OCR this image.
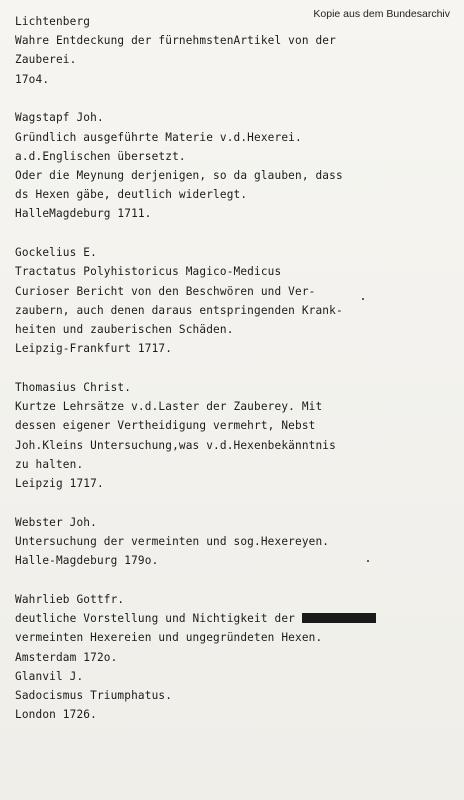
Kopie aus dem Bundesarchiv
Lichtenberg
Wahre Entdeckung der fürnehmstenArtikel von der
Zauberei.
17o4.
Wagstapf Joh.
Gründlich ausgeführte Materie v.d.Hexerei.
a.d.Englischen übersetzt.
Oder die Meynung derjenigen, so da glauben, dass
ds Hexen gäbe, deutlich widerlegt.
HalleMagdeburg 1711.
Gockelius E.
Tractatus Polyhistoricus Magico-Medicus
Curioser Bericht von den Beschwören und Ver-
zaubern, auch denen daraus entspringenden Krank-
heiten und zauberischen Schäden.
Leipzig-Frankfurt 1717.
Thomasius Christ.
Kurtze Lehrsätze v.d.Laster der Zauberey. Mit
dessen eigener Vertheidigung vermehrt, Nebst
Joh.Kleins Untersuchung,was v.d.Hexenbekänntnis
zu halten.
Leipzig 1717.
Webster Joh.
Untersuchung der vermeinten und sog.Hexereyen.
Halle-Magdeburg 179o.
Wahrlieb Gottfr.
deutliche Vorstellung und Nichtigkeit der
vermeinten Hexereien und ungegründeten Hexen.
Amsterdam 172o.
Glanvil J.
Sadocismus Triumphatus.
London 1726.
